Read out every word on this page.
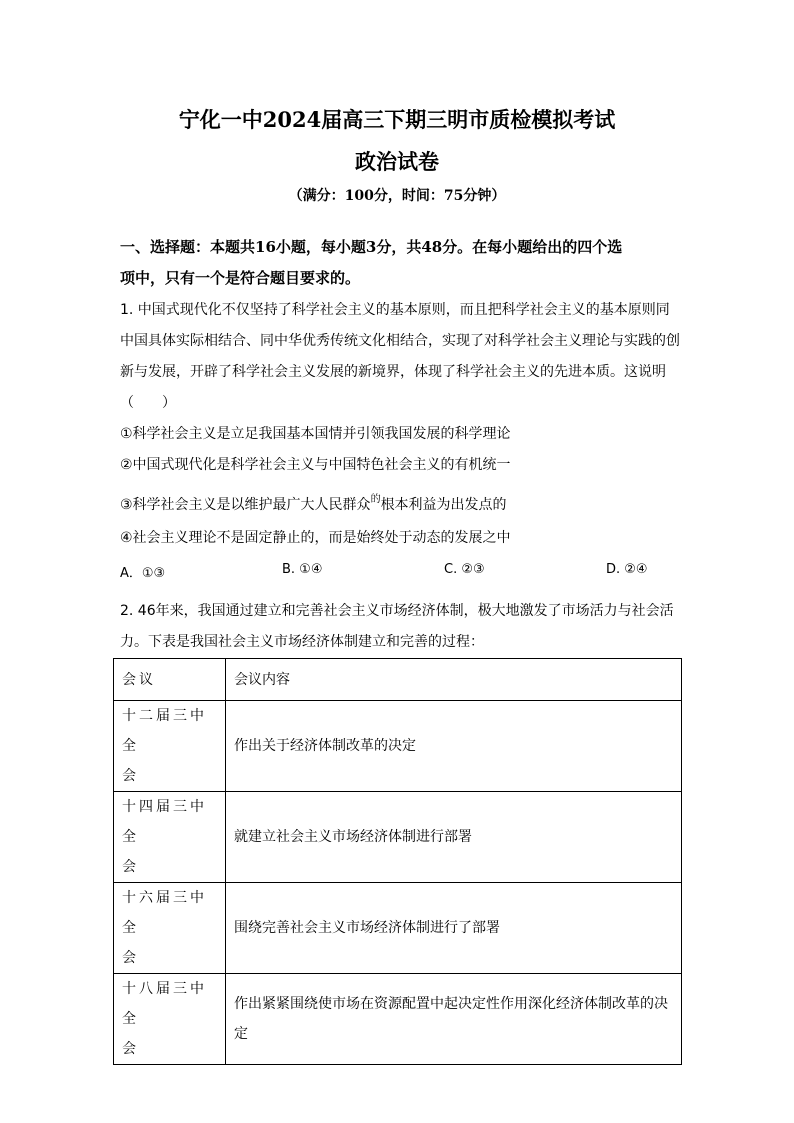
宁化一中2024届高三下期三明市质检模拟考试
政治试卷
（满分：100分，时间：75分钟）
一、选择题：本题共16小题，每小题3分，共48分。在每小题给出的四个选
项中，只有一个是符合题目要求的。
1. 中国式现代化不仅坚持了科学社会主义的基本原则，而且把科学社会主义的基本原则同
中国具体实际相结合、同中华优秀传统文化相结合，实现了对科学社会主义理论与实践的创
新与发展，开辟了科学社会主义发展的新境界，体现了科学社会主义的先进本质。这说明
（　　）
①科学社会主义是立足我国基本国情并引领我国发展的科学理论
②中国式现代化是科学社会主义与中国特色社会主义的有机统一
③科学社会主义是以维护最广大人民群众$^的$根本利益为出发点的
④社会主义理论不是固定静止的，而是始终处于动态的发展之中
A．①③	B. ①④	C. ②③	D. ②④
2. 46年来，我国通过建立和完善社会主义市场经济体制，极大地激发了市场活力与社会活
力。下表是我国社会主义市场经济体制建立和完善的过程：
会议	会议内容
十二届三中全
会	作出关于经济体制改革的决定
十四届三中全
会	就建立社会主义市场经济体制进行部署
十六届三中全
会	围绕完善社会主义市场经济体制进行了部署
十八届三中全
会	作出紧紧围绕使市场在资源配置中起决定性作用深化经济体制改革的决
定
